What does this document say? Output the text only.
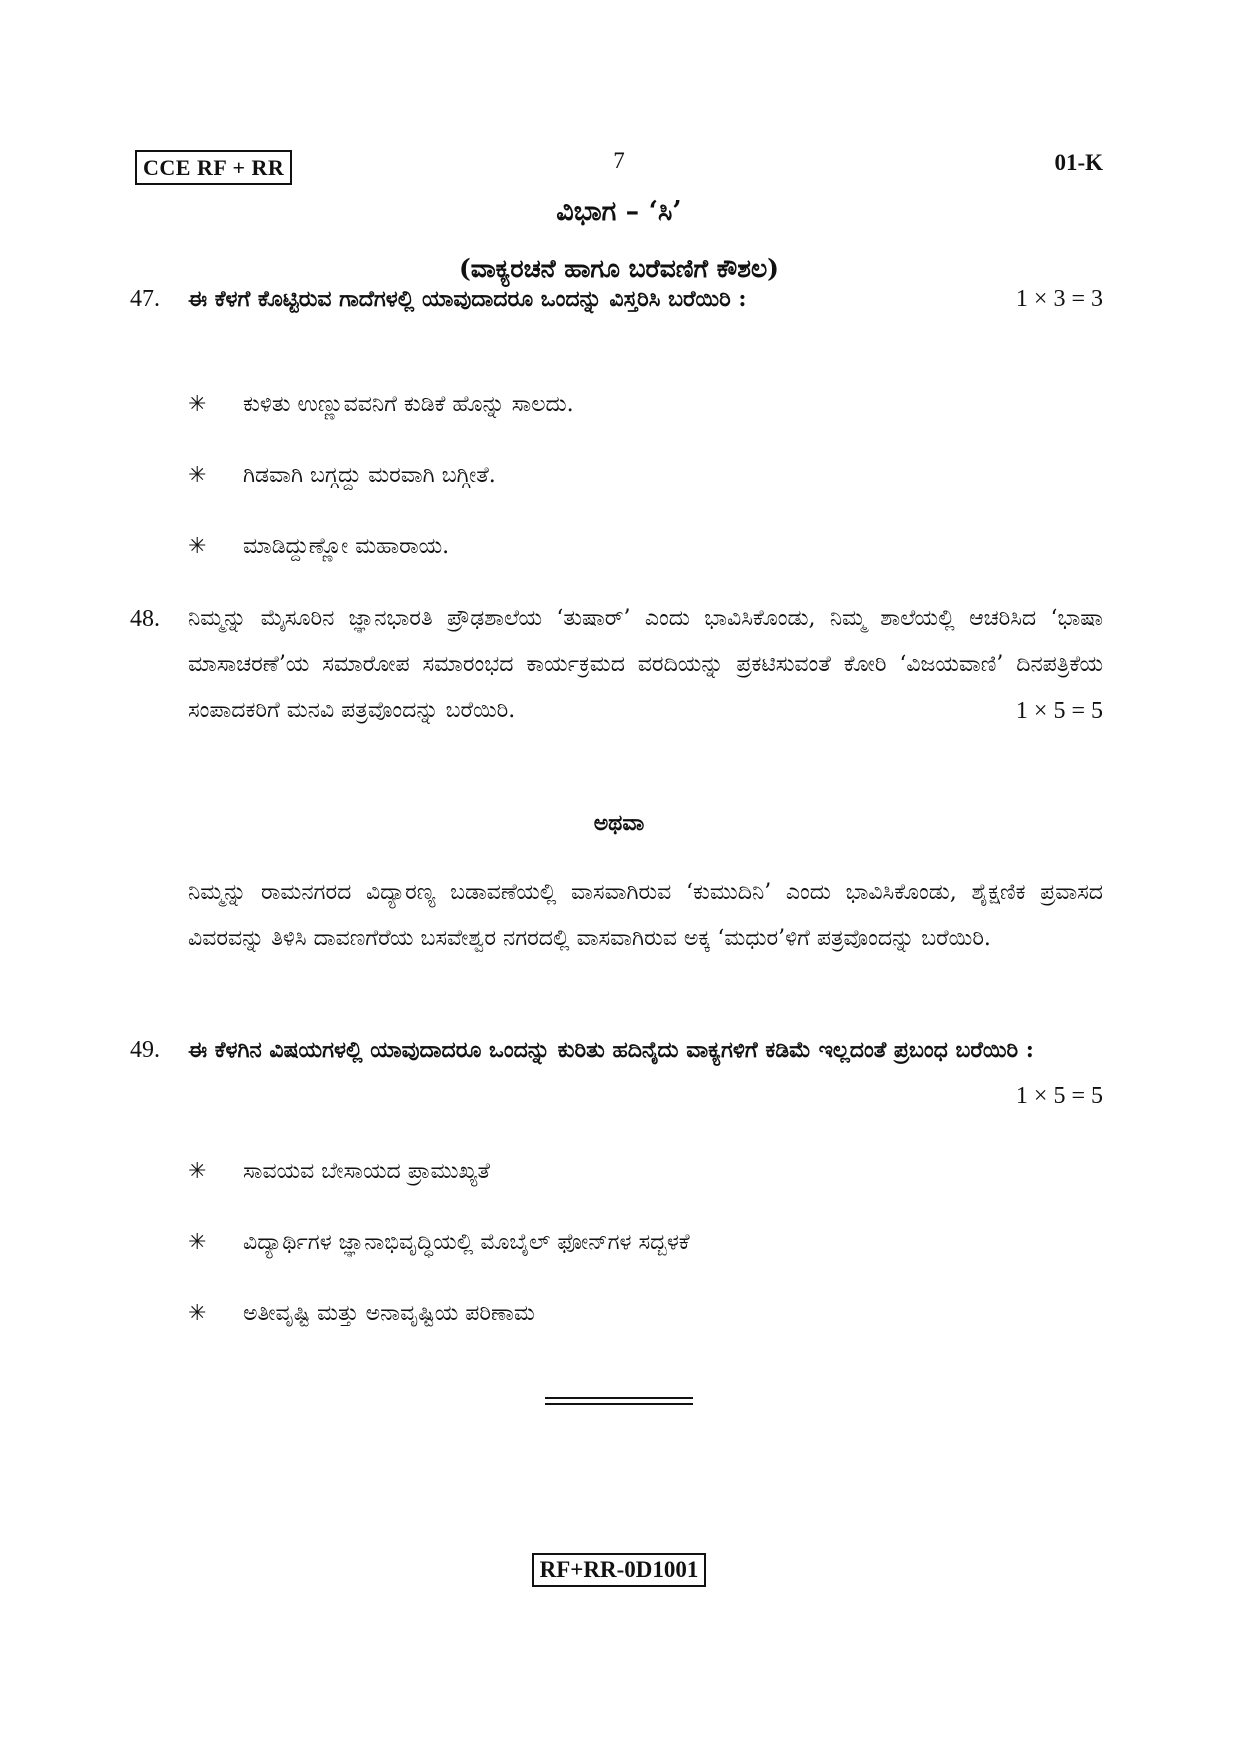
CCE RF + RR	7	01-K
ವಿಭಾಗ – ‘ಸಿ’
(ವಾಕ್ಯರಚನೆ ಹಾಗೂ ಬರೆವಣಿಗೆ ಕೌಶಲ)
47. ಈ ಕೆಳಗೆ ಕೊಟ್ಟಿರುವ ಗಾದೆಗಳಲ್ಲಿ ಯಾವುದಾದರೂ ಒಂದನ್ನು ವಿಸ್ತರಿಸಿ ಬರೆಯಿರಿ :	1 × 3 = 3
✳ ಕುಳಿತು ಉಣ್ಣುವವನಿಗೆ ಕುಡಿಕೆ ಹೊನ್ನು ಸಾಲದು.
✳ ಗಿಡವಾಗಿ ಬಗ್ಗದ್ದು ಮರವಾಗಿ ಬಗ್ಗೀತೆ.
✳ ಮಾಡಿದ್ದುಣ್ಣೋ ಮಹಾರಾಯ.
48. ನಿಮ್ಮನ್ನು ಮೈಸೂರಿನ ಜ್ಞಾನಭಾರತಿ ಪ್ರೌಢಶಾಲೆಯ ‘ತುಷಾರ್’ ಎಂದು ಭಾವಿಸಿಕೊಂಡು, ನಿಮ್ಮ ಶಾಲೆಯಲ್ಲಿ ಆಚರಿಸಿದ ‘ಭಾಷಾ ಮಾಸಾಚರಣೆ’ಯ ಸಮಾರೋಪ ಸಮಾರಂಭದ ಕಾರ್ಯಕ್ರಮದ ವರದಿಯನ್ನು ಪ್ರಕಟಿಸುವಂತೆ ಕೋರಿ ‘ವಿಜಯವಾಣಿ’ ದಿನಪತ್ರಿಕೆಯ ಸಂಪಾದಕರಿಗೆ ಮನವಿ ಪತ್ರವೊಂದನ್ನು ಬರೆಯಿರಿ.	1 × 5 = 5
ಅಥವಾ
ನಿಮ್ಮನ್ನು ರಾಮನಗರದ ವಿದ್ಯಾರಣ್ಯ ಬಡಾವಣೆಯಲ್ಲಿ ವಾಸವಾಗಿರುವ ‘ಕುಮುದಿನಿ’ ಎಂದು ಭಾವಿಸಿಕೊಂಡು, ಶೈಕ್ಷಣಿಕ ಪ್ರವಾಸದ ವಿವರವನ್ನು ತಿಳಿಸಿ ದಾವಣಗೆರೆಯ ಬಸವೇಶ್ವರ ನಗರದಲ್ಲಿ ವಾಸವಾಗಿರುವ ಅಕ್ಕ ‘ಮಧುರ’ಳಿಗೆ ಪತ್ರವೊಂದನ್ನು ಬರೆಯಿರಿ.
49. ಈ ಕೆಳಗಿನ ವಿಷಯಗಳಲ್ಲಿ ಯಾವುದಾದರೂ ಒಂದನ್ನು ಕುರಿತು ಹದಿನೈದು ವಾಕ್ಯಗಳಿಗೆ ಕಡಿಮೆ ಇಲ್ಲದಂತೆ ಪ್ರಬಂಧ ಬರೆಯಿರಿ :
1 × 5 = 5
✳ ಸಾವಯವ ಬೇಸಾಯದ ಪ್ರಾಮುಖ್ಯತೆ
✳ ವಿದ್ಯಾರ್ಥಿಗಳ ಜ್ಞಾನಾಭಿವೃದ್ಧಿಯಲ್ಲಿ ಮೊಬೈಲ್ ಫೋನ್‌ಗಳ ಸದ್ಬಳಕೆ
✳ ಅತೀವೃಷ್ಟಿ ಮತ್ತು ಅನಾವೃಷ್ಟಿಯ ಪರಿಣಾಮ
RF+RR-0D1001
